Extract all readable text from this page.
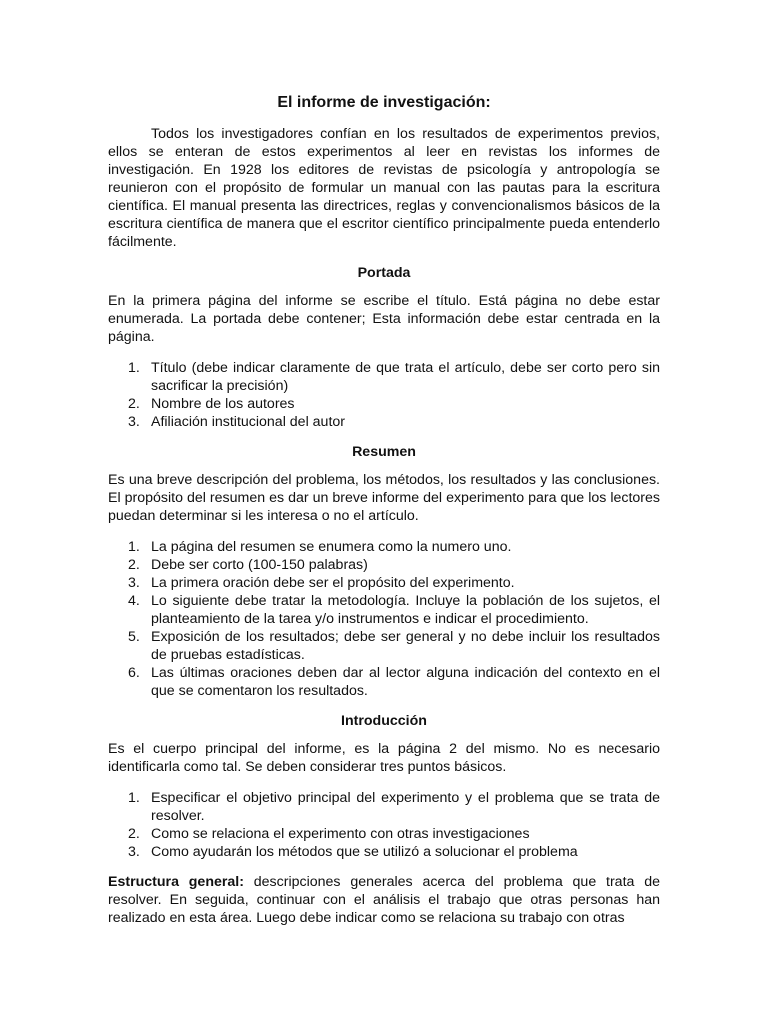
El informe de investigación:

Todos los investigadores confían en los resultados de experimentos previos, ellos se enteran de estos experimentos al leer en revistas los informes de investigación. En 1928 los editores de revistas de psicología y antropología se reunieron con el propósito de formular un manual con las pautas para la escritura científica. El manual presenta las directrices, reglas y convencionalismos básicos de la escritura científica de manera que el escritor científico principalmente pueda entenderlo fácilmente.

Portada

En la primera página del informe se escribe el título. Está página no debe estar enumerada. La portada debe contener; Esta información debe estar centrada en la página.

1. Título (debe indicar claramente de que trata el artículo, debe ser corto pero sin sacrificar la precisión)
2. Nombre de los autores
3. Afiliación institucional del autor
Resumen

Es una breve descripción del problema, los métodos, los resultados y las conclusiones. El propósito del resumen es dar un breve informe del experimento para que los lectores puedan determinar si les interesa o no el artículo.

1. La página del resumen se enumera como la numero uno.
2. Debe ser corto (100-150 palabras)
3. La primera oración debe ser el propósito del experimento.
4. Lo siguiente debe tratar la metodología. Incluye la población de los sujetos, el planteamiento de la tarea y/o instrumentos e indicar el procedimiento.
5. Exposición de los resultados; debe ser general y no debe incluir los resultados de pruebas estadísticas.
6. Las últimas oraciones deben dar al lector alguna indicación del contexto en el que se comentaron los resultados.
Introducción

Es el cuerpo principal del informe, es la página 2 del mismo. No es necesario identificarla como tal. Se deben considerar tres puntos básicos.

1. Especificar el objetivo principal del experimento y el problema que se trata de resolver.
2. Como se relaciona el experimento con otras investigaciones
3. Como ayudarán los métodos que se utilizó a solucionar el problema

Estructura general: descripciones generales acerca del problema que trata de resolver. En seguida, continuar con el análisis el trabajo que otras personas han realizado en esta área. Luego debe indicar como se relaciona su trabajo con otras
